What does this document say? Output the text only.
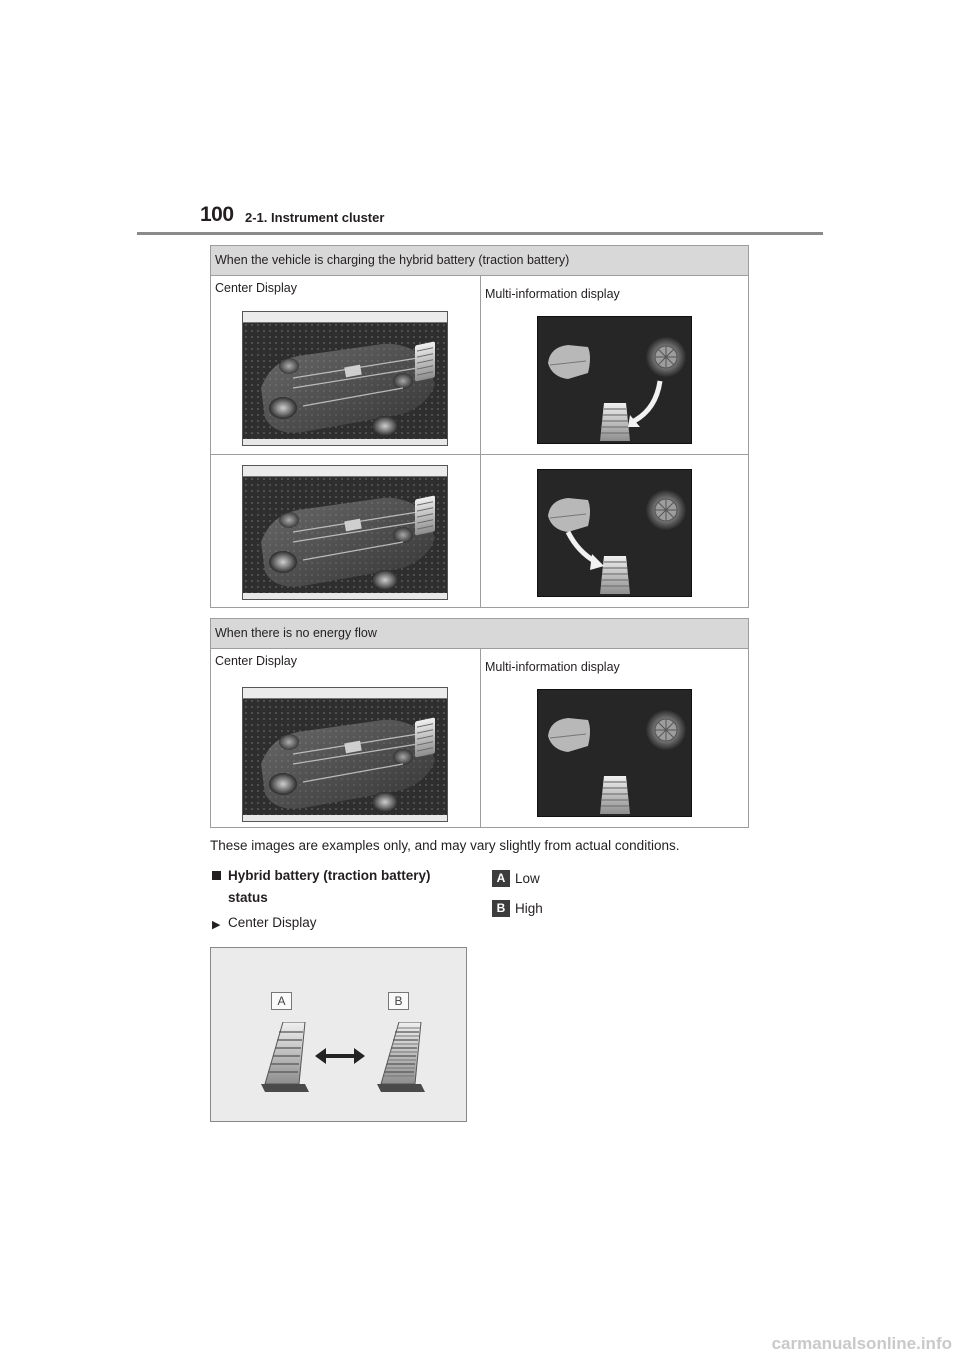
100 2-1. Instrument cluster
When the vehicle is charging the hybrid battery (traction battery)
Center Display	Multi-information display
When there is no energy flow
Center Display	Multi-information display
These images are examples only, and may vary slightly from actual conditions.
Hybrid battery (traction battery) status
▶ Center Display
A Low
B High
A	B
carmanualsonline.info
